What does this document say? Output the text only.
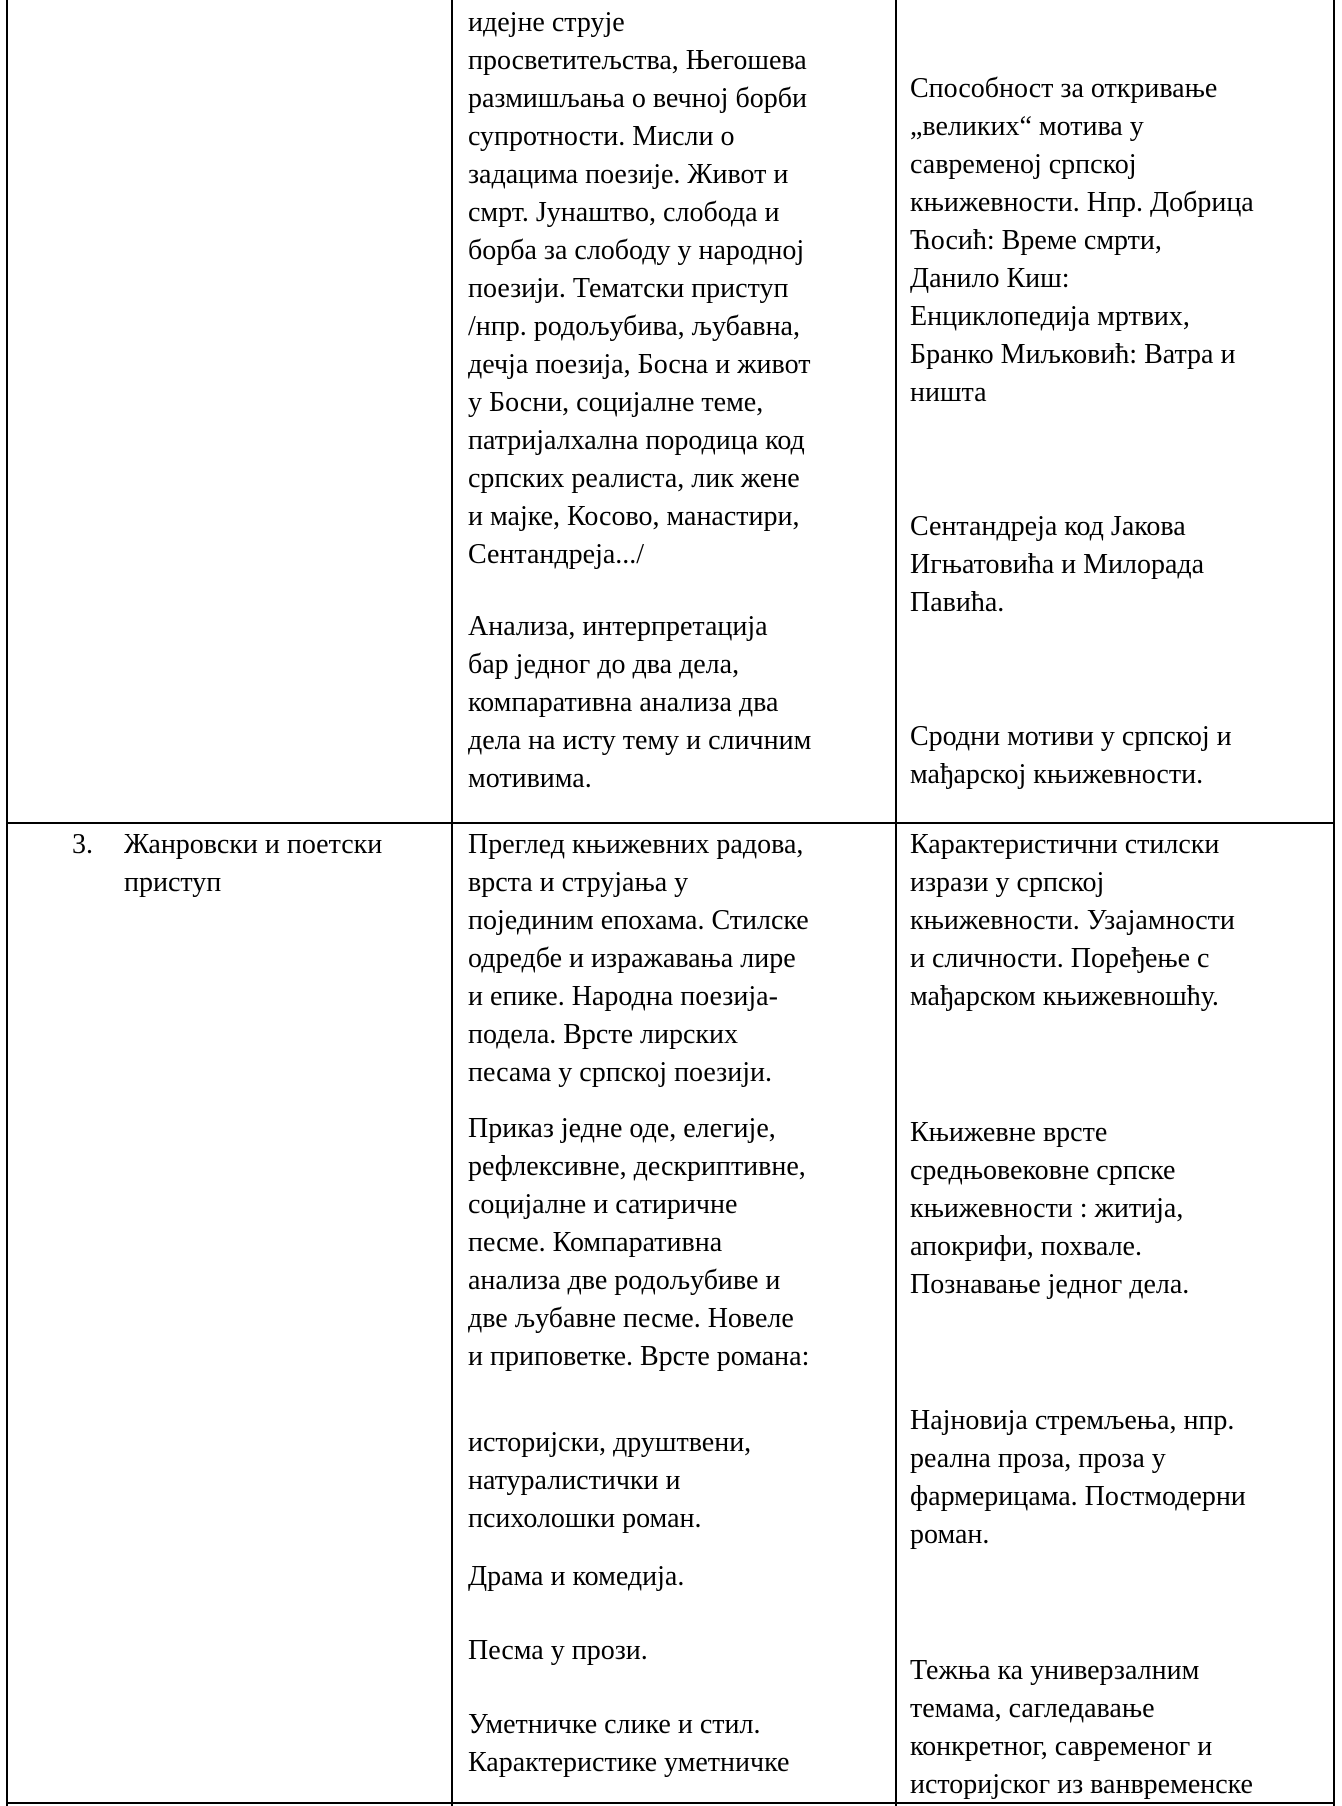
идејне струје
просветитељства, Његошева
размишљања о вечној борби
супротности. Мисли о
задацима поезије. Живот и
смрт. Јунаштво, слобода и
борба за слободу у народној
поезији. Тематски приступ
/нпр. родољубива, љубавна,
дечја поезија, Босна и живот
у Босни, социјалне теме,
патријалхална породица код
српских реалиста, лик жене
и мајке, Косово, манастири,
Сентандреја.../

Анализа, интерпретација
бар једног до два дела,
компаративна анализа два
дела на исту тему и сличним
мотивима.

Способност за откривање
„великих“ мотива у
савременој српској
књижевности. Нпр. Добрица
Ћосић: Време смрти,
Данило Киш:
Енциклопедија мртвих,
Бранко Миљковић: Ватра и
ништа

Сентандреја код Јакова
Игњатовића и Милорада
Павића.

Сродни мотиви у српској и
мађарској књижевности.

3. Жанровски и поетски
приступ

Преглед књижевних радова,
врста и струјања у
појединим епохама. Стилске
одредбе и изражавања лире
и епике. Народна поезија-
подела. Врсте лирских
песама у српској поезији.

Приказ једне оде, елегије,
рефлексивне, дескриптивне,
социјалне и сатиричне
песме. Компаративна
анализа две родољубиве и
две љубавне песме. Новеле
и приповетке. Врсте романа:

историјски, друштвени,
натуралистички и
психолошки роман.

Драма и комедија.

Песма у прози.

Уметничке слике и стил.
Карактеристике уметничке

Карактеристични стилски
изрази у српској
књижевности. Узајамности
и сличности. Поређење с
мађарском књижевношћу.

Књижевне врсте
средњовековне српске
књижевности : житија,
апокрифи, похвале.
Познавање једног дела.

Најновија стремљења, нпр.
реална проза, проза у
фармерицама. Постмодерни
роман.

Тежња ка универзалним
темама, сагледавање
конкретног, савременог и
историјског из ванвременске
